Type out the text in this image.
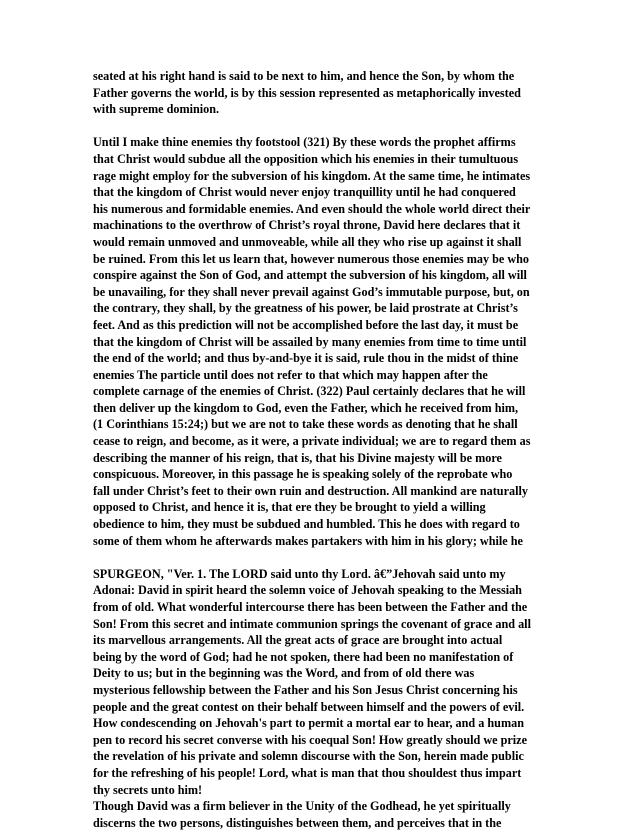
seated at his right hand is said to be next to him, and hence the Son, by whom the
Father governs the world, is by this session represented as metaphorically invested
with supreme dominion.
Until I make thine enemies thy footstool (321) By these words the prophet affirms
that Christ would subdue all the opposition which his enemies in their tumultuous
rage might employ for the subversion of his kingdom. At the same time, he intimates
that the kingdom of Christ would never enjoy tranquillity until he had conquered
his numerous and formidable enemies. And even should the whole world direct their
machinations to the overthrow of Christ’s royal throne, David here declares that it
would remain unmoved and unmoveable, while all they who rise up against it shall
be ruined. From this let us learn that, however numerous those enemies may be who
conspire against the Son of God, and attempt the subversion of his kingdom, all will
be unavailing, for they shall never prevail against God’s immutable purpose, but, on
the contrary, they shall, by the greatness of his power, be laid prostrate at Christ’s
feet. And as this prediction will not be accomplished before the last day, it must be
that the kingdom of Christ will be assailed by many enemies from time to time until
the end of the world; and thus by-and-bye it is said, rule thou in the midst of thine
enemies The particle until does not refer to that which may happen after the
complete carnage of the enemies of Christ. (322) Paul certainly declares that he will
then deliver up the kingdom to God, even the Father, which he received from him,
(1 Corinthians 15:24;) but we are not to take these words as denoting that he shall
cease to reign, and become, as it were, a private individual; we are to regard them as
describing the manner of his reign, that is, that his Divine majesty will be more
conspicuous. Moreover, in this passage he is speaking solely of the reprobate who
fall under Christ’s feet to their own ruin and destruction. All mankind are naturally
opposed to Christ, and hence it is, that ere they be brought to yield a willing
obedience to him, they must be subdued and humbled. This he does with regard to
some of them whom he afterwards makes partakers with him in his glory; while he
SPURGEON, "Ver. 1. The LORD said unto thy Lord. â€”Jehovah said unto my
Adonai: David in spirit heard the solemn voice of Jehovah speaking to the Messiah
from of old. What wonderful intercourse there has been between the Father and the
Son! From this secret and intimate communion springs the covenant of grace and all
its marvellous arrangements. All the great acts of grace are brought into actual
being by the word of God; had he not spoken, there had been no manifestation of
Deity to us; but in the beginning was the Word, and from of old there was
mysterious fellowship between the Father and his Son Jesus Christ concerning his
people and the great contest on their behalf between himself and the powers of evil.
How condescending on Jehovah's part to permit a mortal ear to hear, and a human
pen to record his secret converse with his coequal Son! How greatly should we prize
the revelation of his private and solemn discourse with the Son, herein made public
for the refreshing of his people! Lord, what is man that thou shouldest thus impart
thy secrets unto him!
Though David was a firm believer in the Unity of the Godhead, he yet spiritually
discerns the two persons, distinguishes between them, and perceives that in the
